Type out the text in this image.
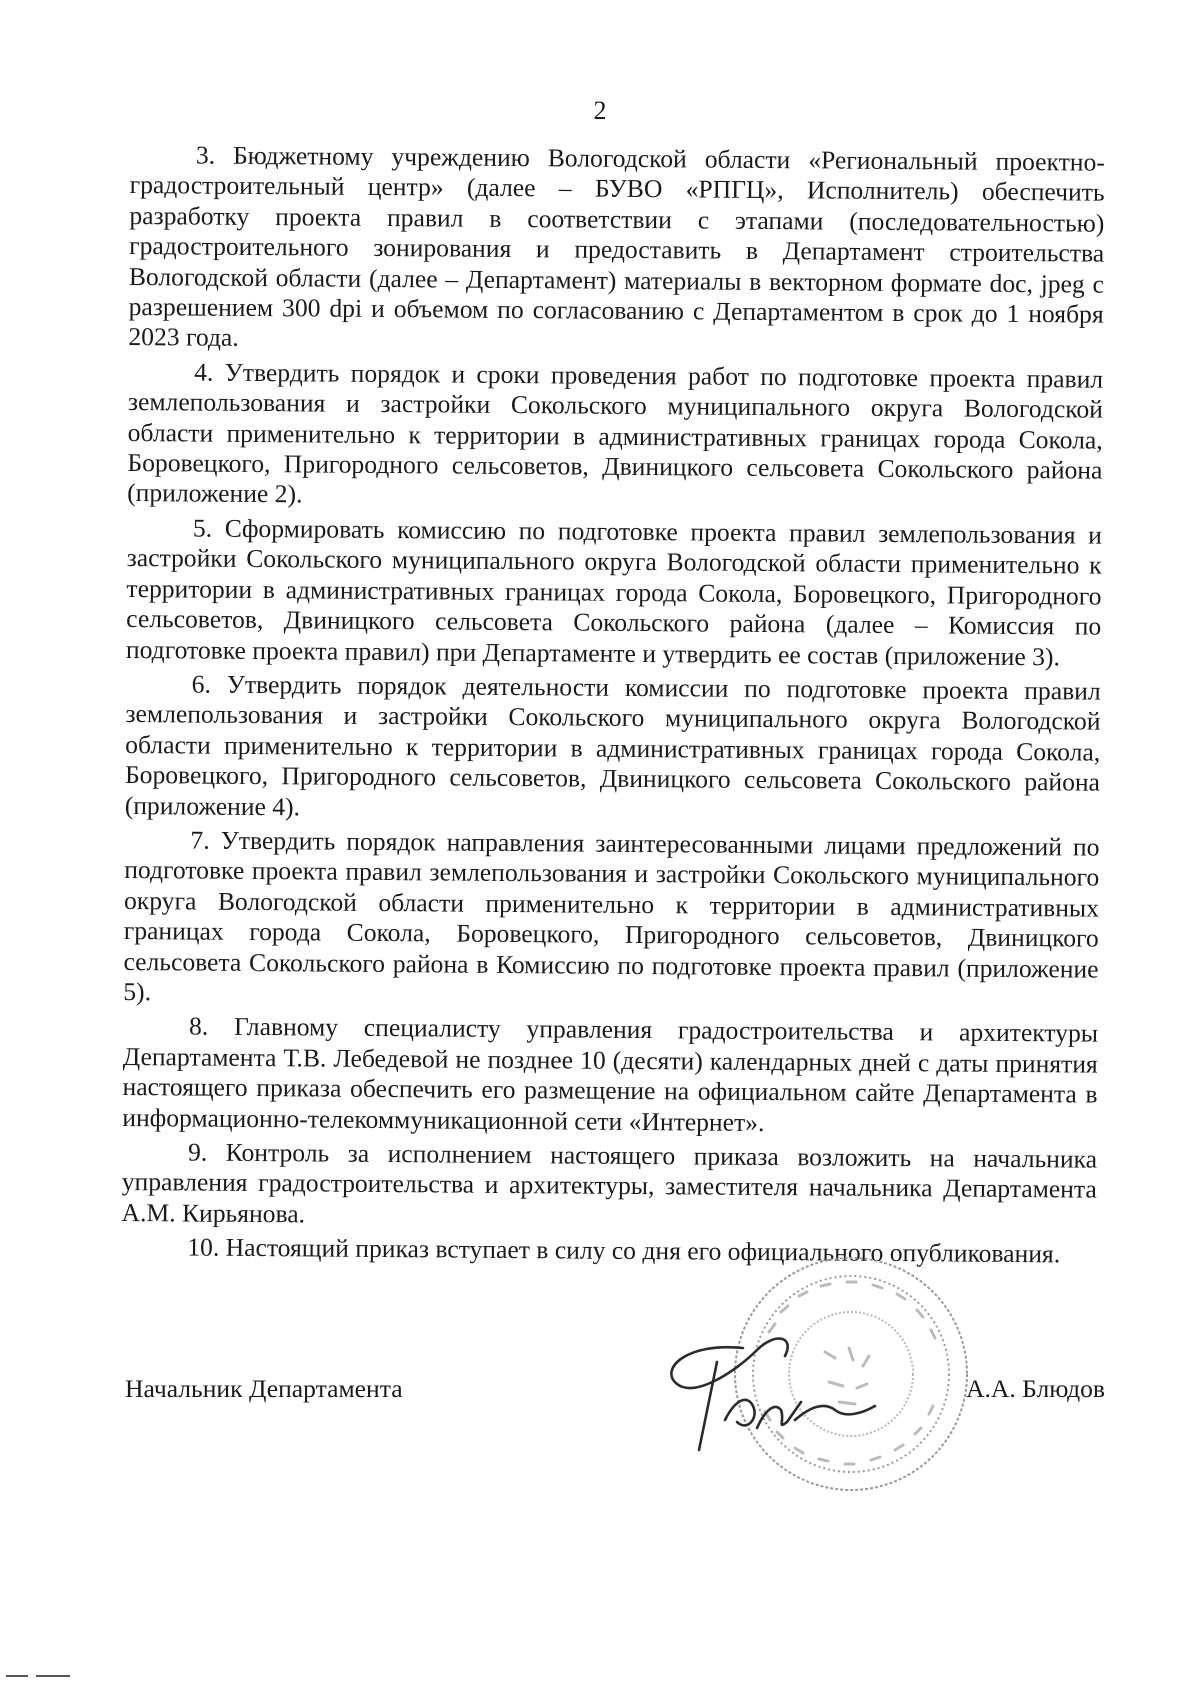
2

3. Бюджетному учреждению Вологодской области «Региональный проектно-градостроительный центр» (далее – БУВО «РПГЦ», Исполнитель) обеспечить разработку проекта правил в соответствии с этапами (последовательностью) градостроительного зонирования и предоставить в Департамент строительства Вологодской области (далее – Департамент) материалы в векторном формате doc, jpeg с разрешением 300 dpi и объемом по согласованию с Департаментом в срок до 1 ноября 2023 года.

4. Утвердить порядок и сроки проведения работ по подготовке проекта правил землепользования и застройки Сокольского муниципального округа Вологодской области применительно к территории в административных границах города Сокола, Боровецкого, Пригородного сельсоветов, Двиницкого сельсовета Сокольского района (приложение 2).

5. Сформировать комиссию по подготовке проекта правил землепользования и застройки Сокольского муниципального округа Вологодской области применительно к территории в административных границах города Сокола, Боровецкого, Пригородного сельсоветов, Двиницкого сельсовета Сокольского района (далее – Комиссия по подготовке проекта правил) при Департаменте и утвердить ее состав (приложение 3).

6. Утвердить порядок деятельности комиссии по подготовке проекта правил землепользования и застройки Сокольского муниципального округа Вологодской области применительно к территории в административных границах города Сокола, Боровецкого, Пригородного сельсоветов, Двиницкого сельсовета Сокольского района (приложение 4).

7. Утвердить порядок направления заинтересованными лицами предложений по подготовке проекта правил землепользования и застройки Сокольского муниципального округа Вологодской области применительно к территории в административных границах города Сокола, Боровецкого, Пригородного сельсоветов, Двиницкого сельсовета Сокольского района в Комиссию по подготовке проекта правил (приложение 5).

8. Главному специалисту управления градостроительства и архитектуры Департамента Т.В. Лебедевой не позднее 10 (десяти) календарных дней с даты принятия настоящего приказа обеспечить его размещение на официальном сайте Департамента в информационно-телекоммуникационной сети «Интернет».

9. Контроль за исполнением настоящего приказа возложить на начальника управления градостроительства и архитектуры, заместителя начальника Департамента А.М. Кирьянова.

10. Настоящий приказ вступает в силу со дня его официального опубликования.

Начальник Департамента	А.А. Блюдов
